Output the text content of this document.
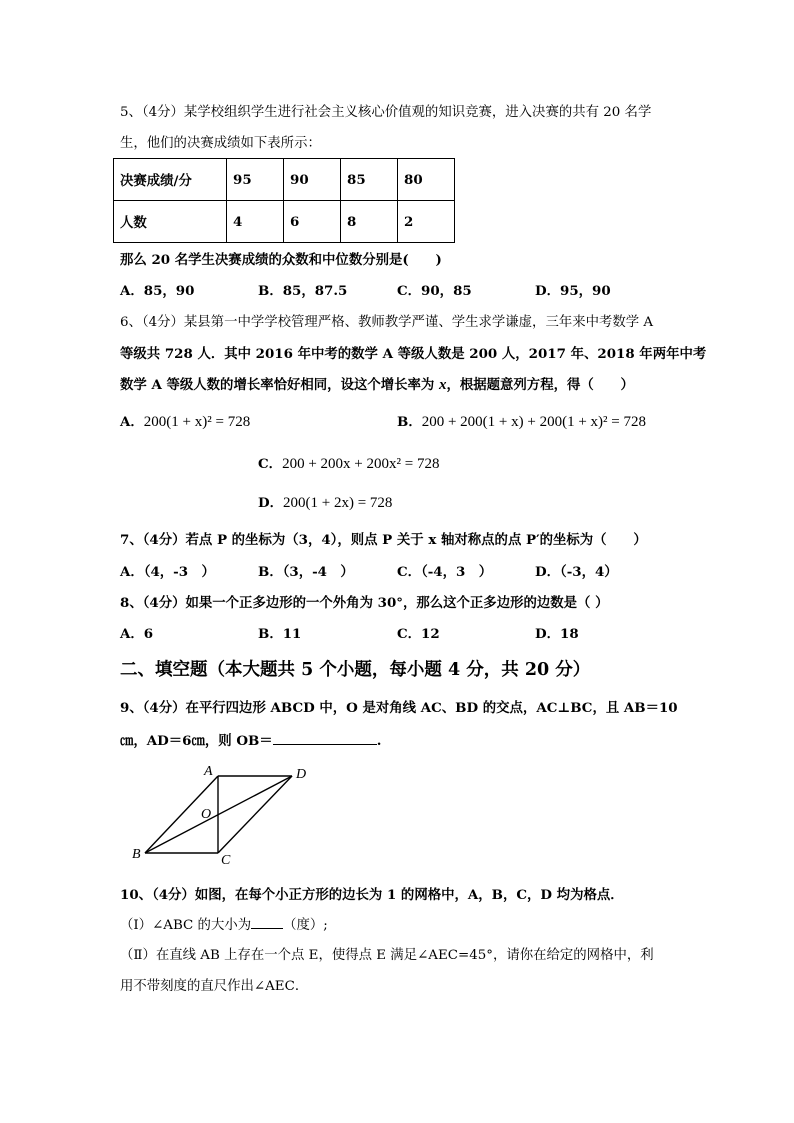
5、（4分）某学校组织学生进行社会主义核心价值观的知识竞赛，进入决赛的共有 20 名学
生，他们的决赛成绩如下表所示：
决赛成绩/分	95	90	85	80
人数	4	6	8	2
那么 20 名学生决赛成绩的众数和中位数分别是(　　)
A．85，90	B．85，87.5	C．90，85	D．95，90
6、（4分）某县第一中学学校管理严格、教师教学严谨、学生求学谦虚，三年来中考数学 A
等级共 728 人．其中 2016 年中考的数学 A 等级人数是 200 人，2017 年、2018 年两年中考
数学 A 等级人数的增长率恰好相同，设这个增长率为 x，根据题意列方程，得（　　）
A．200(1 + x)² = 728	B．200 + 200(1 + x) + 200(1 + x)² = 728
C．200 + 200x + 200x² = 728
D．200(1 + 2x) = 728
7、（4分）若点 P 的坐标为（3，4），则点 P 关于 x 轴对称点的点 P′的坐标为（　　）
A．（4，-3　）	B．（3，-4　）	C．（-4，3　）	D．（-3，4）
8、（4分）如果一个正多边形的一个外角为 30°，那么这个正多边形的边数是（ ）
A．6	B．11	C．12	D．18
二、填空题（本大题共 5 个小题，每小题 4 分，共 20 分）
9、（4分）在平行四边形 ABCD 中，O 是对角线 AC、BD 的交点，AC⊥BC，且 AB＝10
㎝，AD＝6㎝，则 OB＝	.
A	D
O
B	C
10、（4分）如图，在每个小正方形的边长为 1 的网格中，A，B，C，D 均为格点．
（Ⅰ）∠ABC 的大小为 （度）;
（Ⅱ）在直线 AB 上存在一个点 E，使得点 E 满足∠AEC=45°，请你在给定的网格中，利
用不带刻度的直尺作出∠AEC．
